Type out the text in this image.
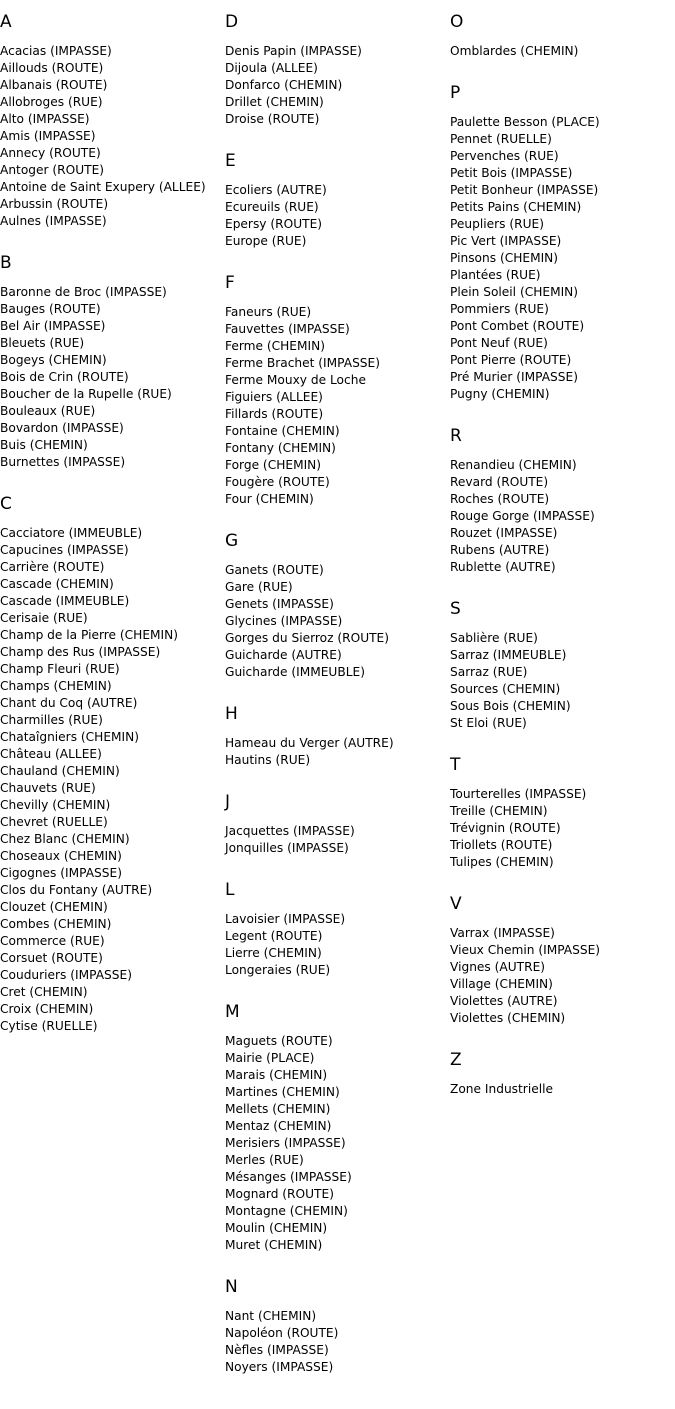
A
Acacias (IMPASSE)
Aillouds (ROUTE)
Albanais (ROUTE)
Allobroges (RUE)
Alto (IMPASSE)
Amis (IMPASSE)
Annecy (ROUTE)
Antoger (ROUTE)
Antoine de Saint Exupery (ALLEE)
Arbussin (ROUTE)
Aulnes (IMPASSE)
B
Baronne de Broc (IMPASSE)
Bauges (ROUTE)
Bel Air (IMPASSE)
Bleuets (RUE)
Bogeys (CHEMIN)
Bois de Crin (ROUTE)
Boucher de la Rupelle (RUE)
Bouleaux (RUE)
Bovardon (IMPASSE)
Buis (CHEMIN)
Burnettes (IMPASSE)
C
Cacciatore (IMMEUBLE)
Capucines (IMPASSE)
Carrière (ROUTE)
Cascade (CHEMIN)
Cascade (IMMEUBLE)
Cerisaie (RUE)
Champ de la Pierre (CHEMIN)
Champ des Rus (IMPASSE)
Champ Fleuri (RUE)
Champs (CHEMIN)
Chant du Coq (AUTRE)
Charmilles (RUE)
Chataîgniers (CHEMIN)
Château (ALLEE)
Chauland (CHEMIN)
Chauvets (RUE)
Chevilly (CHEMIN)
Chevret (RUELLE)
Chez Blanc (CHEMIN)
Choseaux (CHEMIN)
Cigognes (IMPASSE)
Clos du Fontany (AUTRE)
Clouzet (CHEMIN)
Combes (CHEMIN)
Commerce (RUE)
Corsuet (ROUTE)
Couduriers (IMPASSE)
Cret (CHEMIN)
Croix (CHEMIN)
Cytise (RUELLE)
D
Denis Papin (IMPASSE)
Dijoula (ALLEE)
Donfarco (CHEMIN)
Drillet (CHEMIN)
Droise (ROUTE)
E
Ecoliers (AUTRE)
Ecureuils (RUE)
Epersy (ROUTE)
Europe (RUE)
F
Faneurs (RUE)
Fauvettes (IMPASSE)
Ferme (CHEMIN)
Ferme Brachet (IMPASSE)
Ferme Mouxy de Loche
Figuiers (ALLEE)
Fillards (ROUTE)
Fontaine (CHEMIN)
Fontany (CHEMIN)
Forge (CHEMIN)
Fougère (ROUTE)
Four (CHEMIN)
G
Ganets (ROUTE)
Gare (RUE)
Genets (IMPASSE)
Glycines (IMPASSE)
Gorges du Sierroz (ROUTE)
Guicharde (AUTRE)
Guicharde (IMMEUBLE)
H
Hameau du Verger (AUTRE)
Hautins (RUE)
J
Jacquettes (IMPASSE)
Jonquilles (IMPASSE)
L
Lavoisier (IMPASSE)
Legent (ROUTE)
Lierre (CHEMIN)
Longeraies (RUE)
M
Maguets (ROUTE)
Mairie (PLACE)
Marais (CHEMIN)
Martines (CHEMIN)
Mellets (CHEMIN)
Mentaz (CHEMIN)
Merisiers (IMPASSE)
Merles (RUE)
Mésanges (IMPASSE)
Mognard (ROUTE)
Montagne (CHEMIN)
Moulin (CHEMIN)
Muret (CHEMIN)
N
Nant (CHEMIN)
Napoléon (ROUTE)
Nèfles (IMPASSE)
Noyers (IMPASSE)
O
Omblardes (CHEMIN)
P
Paulette Besson (PLACE)
Pennet (RUELLE)
Pervenches (RUE)
Petit Bois (IMPASSE)
Petit Bonheur (IMPASSE)
Petits Pains (CHEMIN)
Peupliers (RUE)
Pic Vert (IMPASSE)
Pinsons (CHEMIN)
Plantées (RUE)
Plein Soleil (CHEMIN)
Pommiers (RUE)
Pont Combet (ROUTE)
Pont Neuf (RUE)
Pont Pierre (ROUTE)
Pré Murier (IMPASSE)
Pugny (CHEMIN)
R
Renandieu (CHEMIN)
Revard (ROUTE)
Roches (ROUTE)
Rouge Gorge (IMPASSE)
Rouzet (IMPASSE)
Rubens (AUTRE)
Rublette (AUTRE)
S
Sablière (RUE)
Sarraz (IMMEUBLE)
Sarraz (RUE)
Sources (CHEMIN)
Sous Bois (CHEMIN)
St Eloi (RUE)
T
Tourterelles (IMPASSE)
Treille (CHEMIN)
Trévignin (ROUTE)
Triollets (ROUTE)
Tulipes (CHEMIN)
V
Varrax (IMPASSE)
Vieux Chemin (IMPASSE)
Vignes (AUTRE)
Village (CHEMIN)
Violettes (AUTRE)
Violettes (CHEMIN)
Z
Zone Industrielle
